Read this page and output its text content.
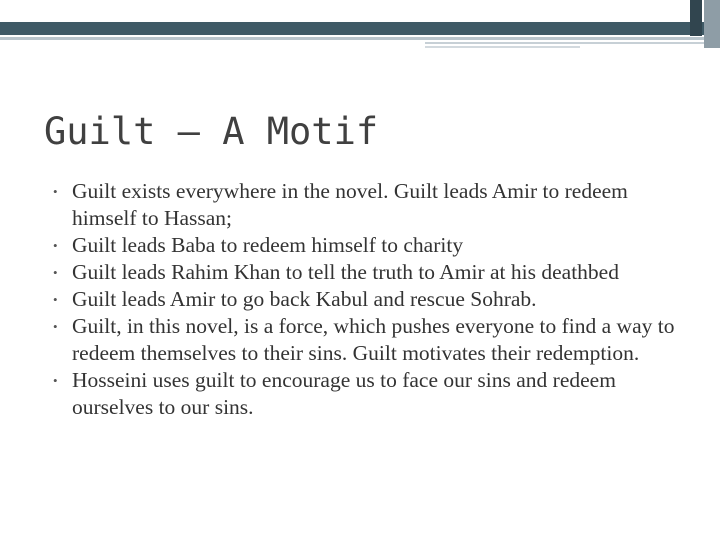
Guilt – A Motif
• Guilt exists everywhere in the novel. Guilt leads Amir to redeem himself to Hassan;
• Guilt leads Baba to redeem himself to charity
• Guilt leads Rahim Khan to tell the truth to Amir at his deathbed
• Guilt leads Amir to go back Kabul and rescue Sohrab.
• Guilt, in this novel, is a force, which pushes everyone to find a way to redeem themselves to their sins. Guilt motivates their redemption.
• Hosseini uses guilt to encourage us to face our sins and redeem ourselves to our sins.
